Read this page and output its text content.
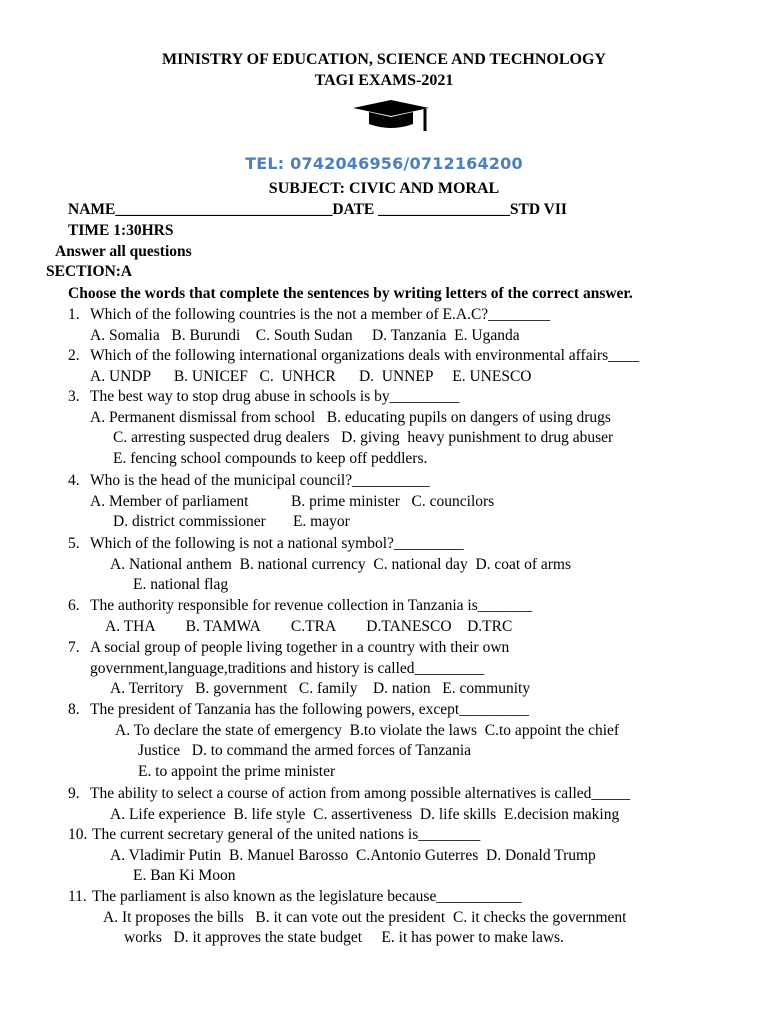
MINISTRY OF EDUCATION, SCIENCE AND TECHNOLOGY
TAGI EXAMS-2021
TEL: 0742046956/0712164200
SUBJECT: CIVIC AND MORAL
NAME____________________________DATE _________________STD VII
TIME 1:30HRS
Answer all questions
SECTION:A
Choose the words that complete the sentences by writing letters of the correct answer.
1. Which of the following countries is the not a member of E.A.C?________
A. Somalia   B. Burundi    C. South Sudan     D. Tanzania  E. Uganda
2. Which of the following international organizations deals with environmental affairs____
A. UNDP      B. UNICEF   C.  UNHCR      D.  UNNEP     E. UNESCO
3. The best way to stop drug abuse in schools is by_________
A. Permanent dismissal from school   B. educating pupils on dangers of using drugs
C. arresting suspected drug dealers   D. giving  heavy punishment to drug abuser
E. fencing school compounds to keep off peddlers.
4. Who is the head of the municipal council?__________
A. Member of parliament           B. prime minister   C. councilors
D. district commissioner       E. mayor
5. Which of the following is not a national symbol?_________
A. National anthem  B. national currency  C. national day  D. coat of arms
E. national flag
6. The authority responsible for revenue collection in Tanzania is_______
A. THA        B. TAMWA        C.TRA        D.TANESCO    D.TRC
7. A social group of people living together in a country with their own
government,language,traditions and history is called_________
A. Territory   B. government   C. family    D. nation   E. community
8. The president of Tanzania has the following powers, except_________
A. To declare the state of emergency  B.to violate the laws  C.to appoint the chief
Justice   D. to command the armed forces of Tanzania
E. to appoint the prime minister
9. The ability to select a course of action from among possible alternatives is called_____
A. Life experience  B. life style  C. assertiveness  D. life skills  E.decision making
10. The current secretary general of the united nations is________
A. Vladimir Putin  B. Manuel Barosso  C.Antonio Guterres  D. Donald Trump
E. Ban Ki Moon
11. The parliament is also known as the legislature because___________
A. It proposes the bills   B. it can vote out the president  C. it checks the government
works   D. it approves the state budget     E. it has power to make laws.
